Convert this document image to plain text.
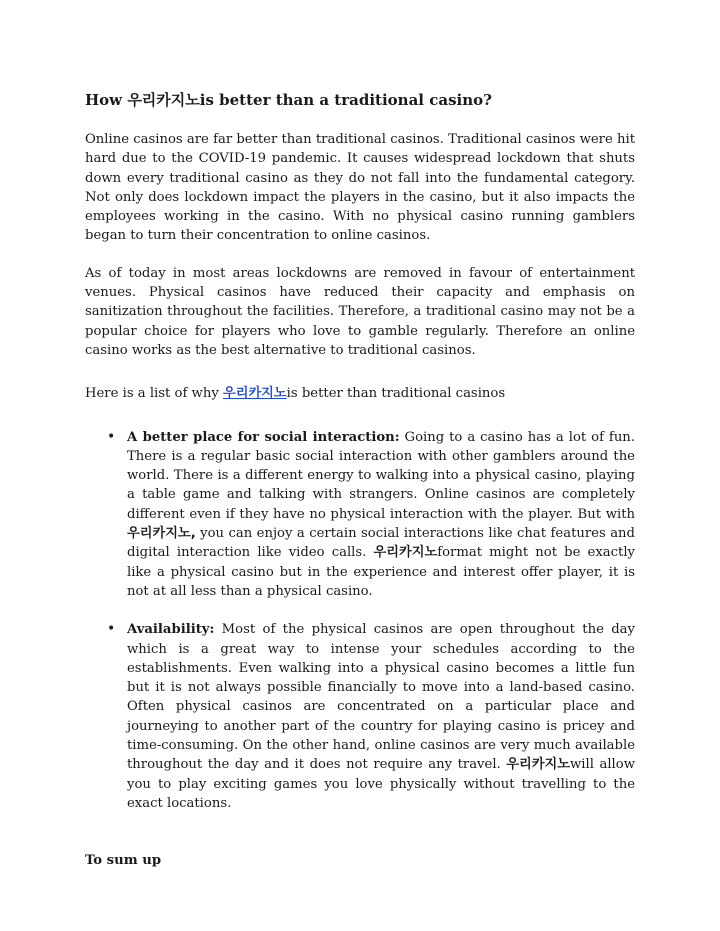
How 우리카지노is better than a traditional casino?

Online casinos are far better than traditional casinos. Traditional casinos were hit hard due to the COVID-19 pandemic. It causes widespread lockdown that shuts down every traditional casino as they do not fall into the fundamental category. Not only does lockdown impact the players in the casino, but it also impacts the employees working in the casino. With no physical casino running gamblers began to turn their concentration to online casinos.

As of today in most areas lockdowns are removed in favour of entertainment venues. Physical casinos have reduced their capacity and emphasis on sanitization throughout the facilities. Therefore, a traditional casino may not be a popular choice for players who love to gamble regularly. Therefore an online casino works as the best alternative to traditional casinos.

Here is a list of why 우리카지노is better than traditional casinos

• A better place for social interaction: Going to a casino has a lot of fun. There is a regular basic social interaction with other gamblers around the world. There is a different energy to walking into a physical casino, playing a table game and talking with strangers. Online casinos are completely different even if they have no physical interaction with the player. But with 우리카지노, you can enjoy a certain social interactions like chat features and digital interaction like video calls. 우리카지노format might not be exactly like a physical casino but in the experience and interest offer player, it is not at all less than a physical casino.
• Availability: Most of the physical casinos are open throughout the day which is a great way to intense your schedules according to the establishments. Even walking into a physical casino becomes a little fun but it is not always possible financially to move into a land-based casino. Often physical casinos are concentrated on a particular place and journeying to another part of the country for playing casino is pricey and time-consuming. On the other hand, online casinos are very much available throughout the day and it does not require any travel. 우리카지노will allow you to play exciting games you love physically without travelling to the exact locations.

To sum up
